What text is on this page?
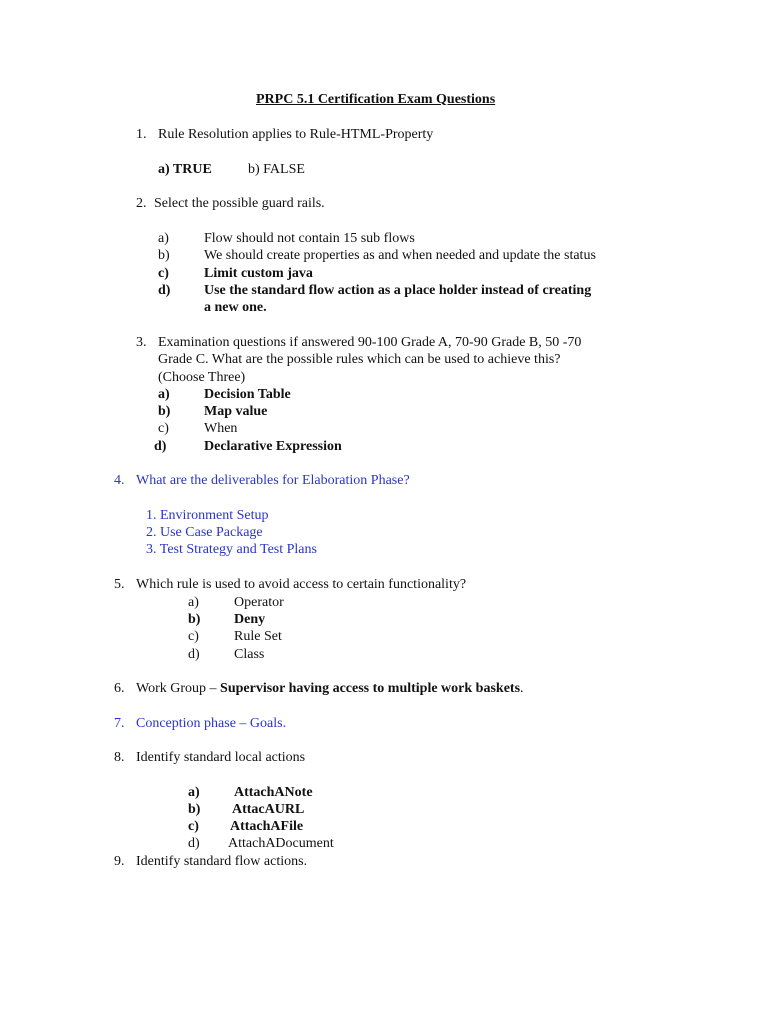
PRPC 5.1 Certification Exam Questions
1. Rule Resolution applies to Rule-HTML-Property
a) TRUE	b) FALSE
2. Select the possible guard rails.
a)	Flow should not contain 15 sub flows
b) We should create properties as and when needed and update the status
c)	Limit custom java
d) Use the standard flow action as a place holder instead of creating
a new one.
3. Examination questions if answered 90-100 Grade A, 70-90 Grade B, 50 -70
Grade C. What are the possible rules which can be used to achieve this?
(Choose Three)
a) Decision Table
b) Map value
c)	When
d)	Declarative Expression
4. What are the deliverables for Elaboration Phase?
1. Environment Setup
2. Use Case Package
3. Test Strategy and Test Plans
5. Which rule is used to avoid access to certain functionality?
a)	Operator
b) Deny
c)	Rule Set
d) Class
6. Work Group – Supervisor having access to multiple work baskets.
7. Conception phase – Goals.
8. Identify standard local actions
a) AttachANote
b) AttacAURL
c) AttachAFile
d) AttachADocument
9. Identify standard flow actions.
